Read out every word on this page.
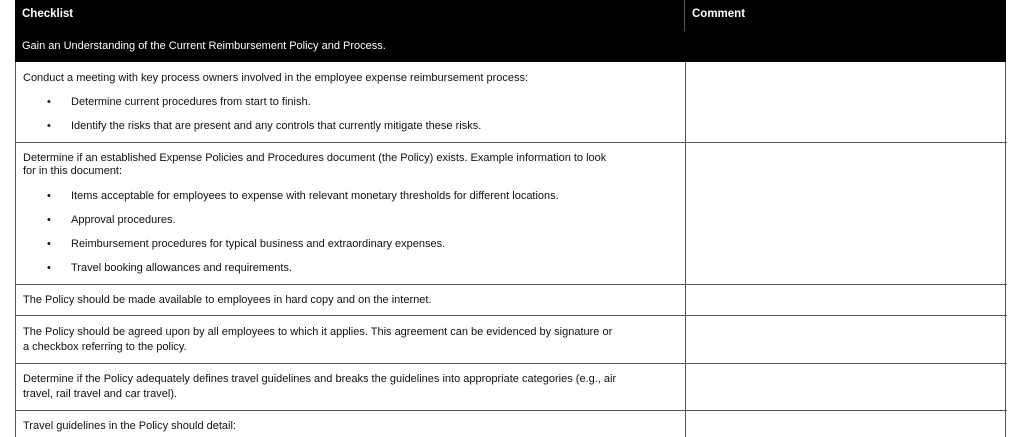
Checklist	Comment
Gain an Understanding of the Current Reimbursement Policy and Process.
Conduct a meeting with key process owners involved in the employee expense reimbursement process:
• Determine current procedures from start to finish.
• Identify the risks that are present and any controls that currently mitigate these risks.
Determine if an established Expense Policies and Procedures document (the Policy) exists. Example information to look
for in this document:
• Items acceptable for employees to expense with relevant monetary thresholds for different locations.
• Approval procedures.
• Reimbursement procedures for typical business and extraordinary expenses.
• Travel booking allowances and requirements.
The Policy should be made available to employees in hard copy and on the internet.
The Policy should be agreed upon by all employees to which it applies. This agreement can be evidenced by signature or
a checkbox referring to the policy.
Determine if the Policy adequately defines travel guidelines and breaks the guidelines into appropriate categories (e.g., air
travel, rail travel and car travel).
Travel guidelines in the Policy should detail:
